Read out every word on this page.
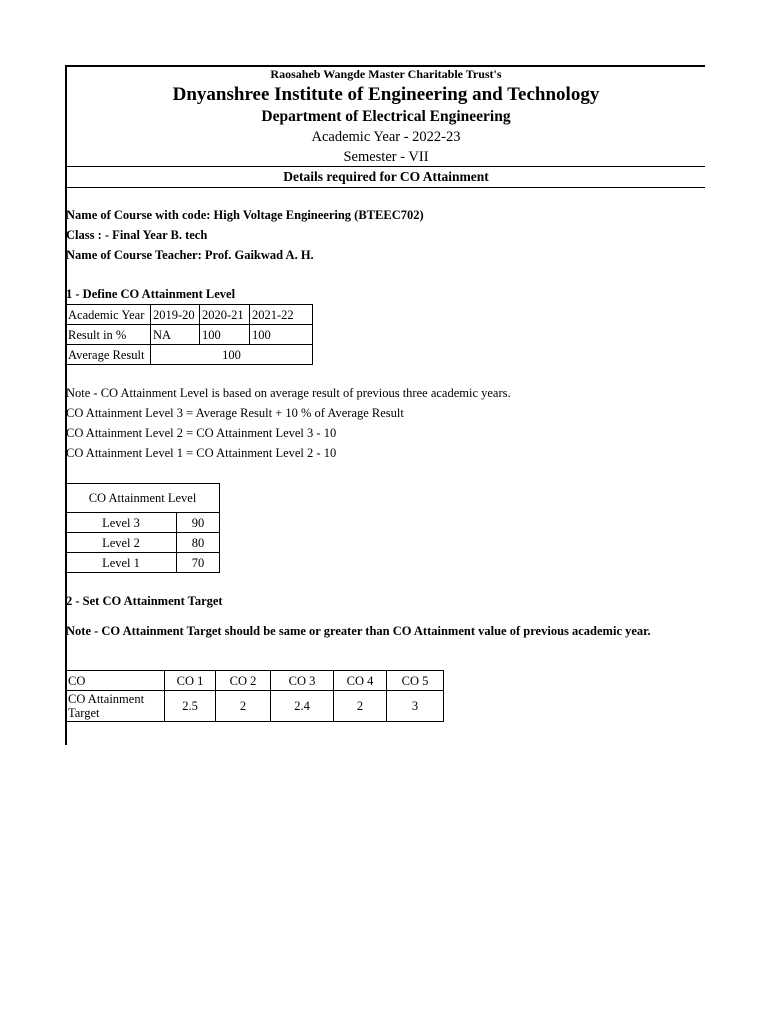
Raosaheb Wangde Master Charitable Trust's
Dnyanshree Institute of Engineering and Technology
Department of Electrical Engineering
Academic Year - 2022-23
Semester - VII
Details required for CO Attainment
Name of Course with code: High Voltage Engineering (BTEEC702)
Class : - Final Year B. tech
Name of Course Teacher: Prof. Gaikwad A. H.
1 - Define CO Attainment Level
Academic Year	2019-20	2020-21	2021-22
Result in %	NA	100	100
Average Result	100		
Note - CO Attainment Level is based on average result of previous three academic years.
CO Attainment Level 3 = Average Result + 10 % of Average Result
CO Attainment Level 2 = CO Attainment Level 3 - 10
CO Attainment Level 1 = CO Attainment Level 2 - 10
CO Attainment Level	
Level 3	90
Level 2	80
Level 1	70
2 - Set CO Attainment Target
Note - CO Attainment Target should be same or greater than CO Attainment value of previous academic year.
CO	CO 1	CO 2	CO 3	CO 4	CO 5
CO Attainment Target	2.5	2	2.4	2	3
